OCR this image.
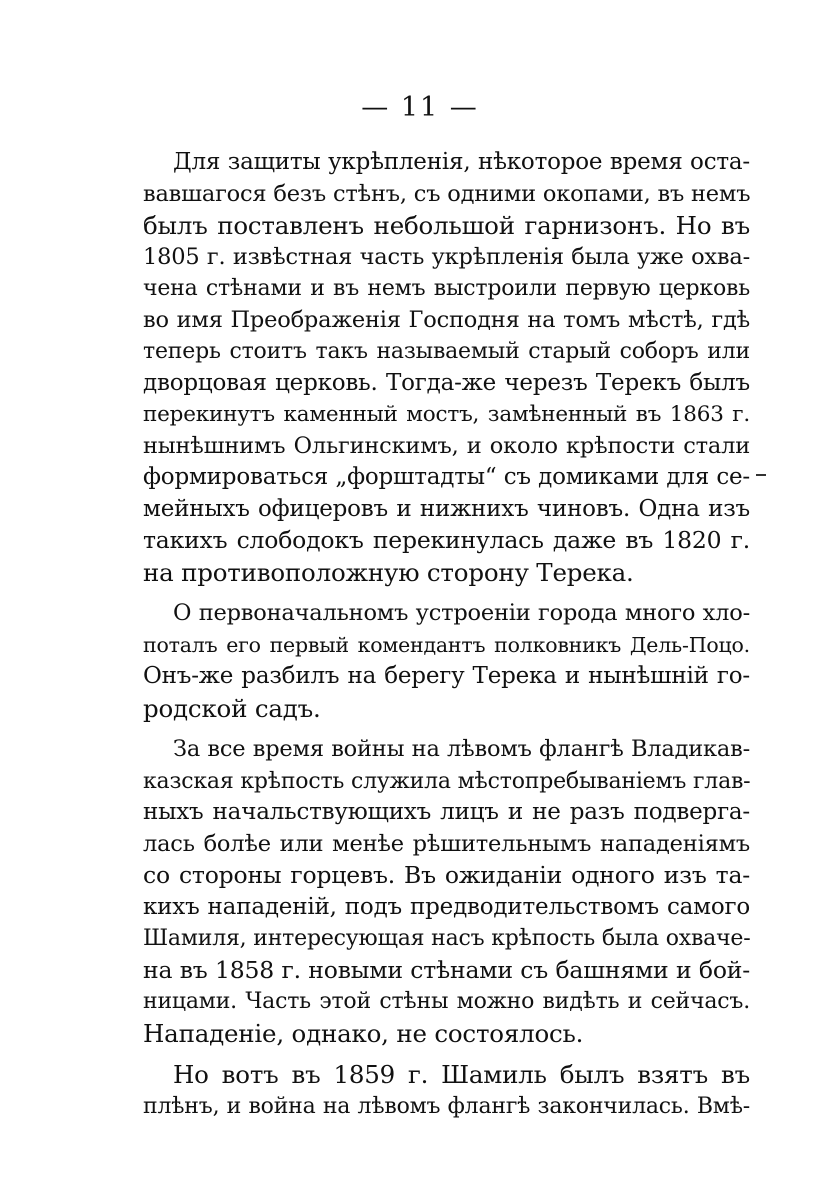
— 11 —
Для защиты укрѣпленія, нѣкоторое время оста-
вавшагося безъ стѣнъ, съ одними окопами, въ немъ
былъ поставленъ небольшой гарнизонъ. Но въ
1805 г. извѣстная часть укрѣпленія была уже охва-
чена стѣнами и въ немъ выстроили первую церковь
во имя Преображенія Господня на томъ мѣстѣ, гдѣ
теперь стоитъ такъ называемый старый соборъ или
дворцовая церковь. Тогда-же черезъ Терекъ былъ
перекинутъ каменный мостъ, замѣненный въ 1863 г.
нынѣшнимъ Ольгинскимъ, и около крѣпости стали
формироваться „форштадты“ съ домиками для се-
мейныхъ офицеровъ и нижнихъ чиновъ. Одна изъ
такихъ слободокъ перекинулась даже въ 1820 г.
на противоположную сторону Терека.
О первоначальномъ устроеніи города много хло-
поталъ его первый комендантъ полковникъ Дель-Поцо.
Онъ-же разбилъ на берегу Терека и нынѣшній го-
родской садъ.
За все время войны на лѣвомъ флангѣ Владикав-
казская крѣпость служила мѣстопребываніемъ глав-
ныхъ начальствующихъ лицъ и не разъ подверга-
лась болѣе или менѣе рѣшительнымъ нападеніямъ
со стороны горцевъ. Въ ожиданіи одного изъ та-
кихъ нападеній, подъ предводительствомъ самого
Шамиля, интересующая насъ крѣпость была охваче-
на въ 1858 г. новыми стѣнами съ башнями и бой-
ницами. Часть этой стѣны можно видѣть и сейчасъ.
Нападеніе, однако, не состоялось.
Но вотъ въ 1859 г. Шамиль былъ взятъ въ
плѣнъ, и война на лѣвомъ флангѣ закончилась. Вмѣ-
